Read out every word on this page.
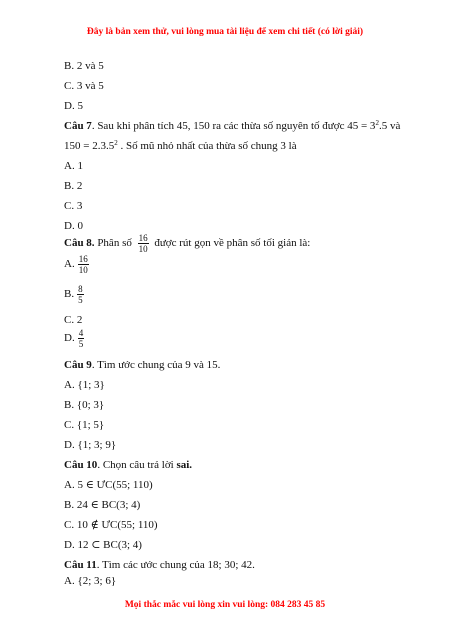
Đây là bản xem thử, vui lòng mua tài liệu để xem chi tiết (có lời giải)
B. 2 và 5
C. 3 và 5
D. 5
Câu 7. Sau khi phân tích 45, 150 ra các thừa số nguyên tố được $45 = 3^2.5$ và
$150 = 2.3.5^2$ . Số mũ nhỏ nhất của thừa số chung 3 là
A. 1
B. 2
C. 3
D. 0
Câu 8. Phân số $\frac{16}{10}$ được rút gọn về phân số tối giản là:
A. $\frac{16}{10}$
B. $\frac{8}{5}$
C. 2
D. $\frac{4}{5}$
Câu 9. Tìm ước chung của 9 và 15.
A. {1; 3}
B. {0; 3}
C. {1; 5}
D. {1; 3; 9}
Câu 10. Chọn câu trả lời sai.
A. 5 ∈ ƯC(55; 110)
B. 24 ∈ BC(3; 4)
Mọi thắc mắc vui lòng xin vui lòng: 084 283 45 85
C. 10 ∉ ƯC(55; 110)
D. 12 ⊂ BC(3; 4)
Câu 11. Tìm các ước chung của 18; 30; 42.
A. {2; 3; 6}
